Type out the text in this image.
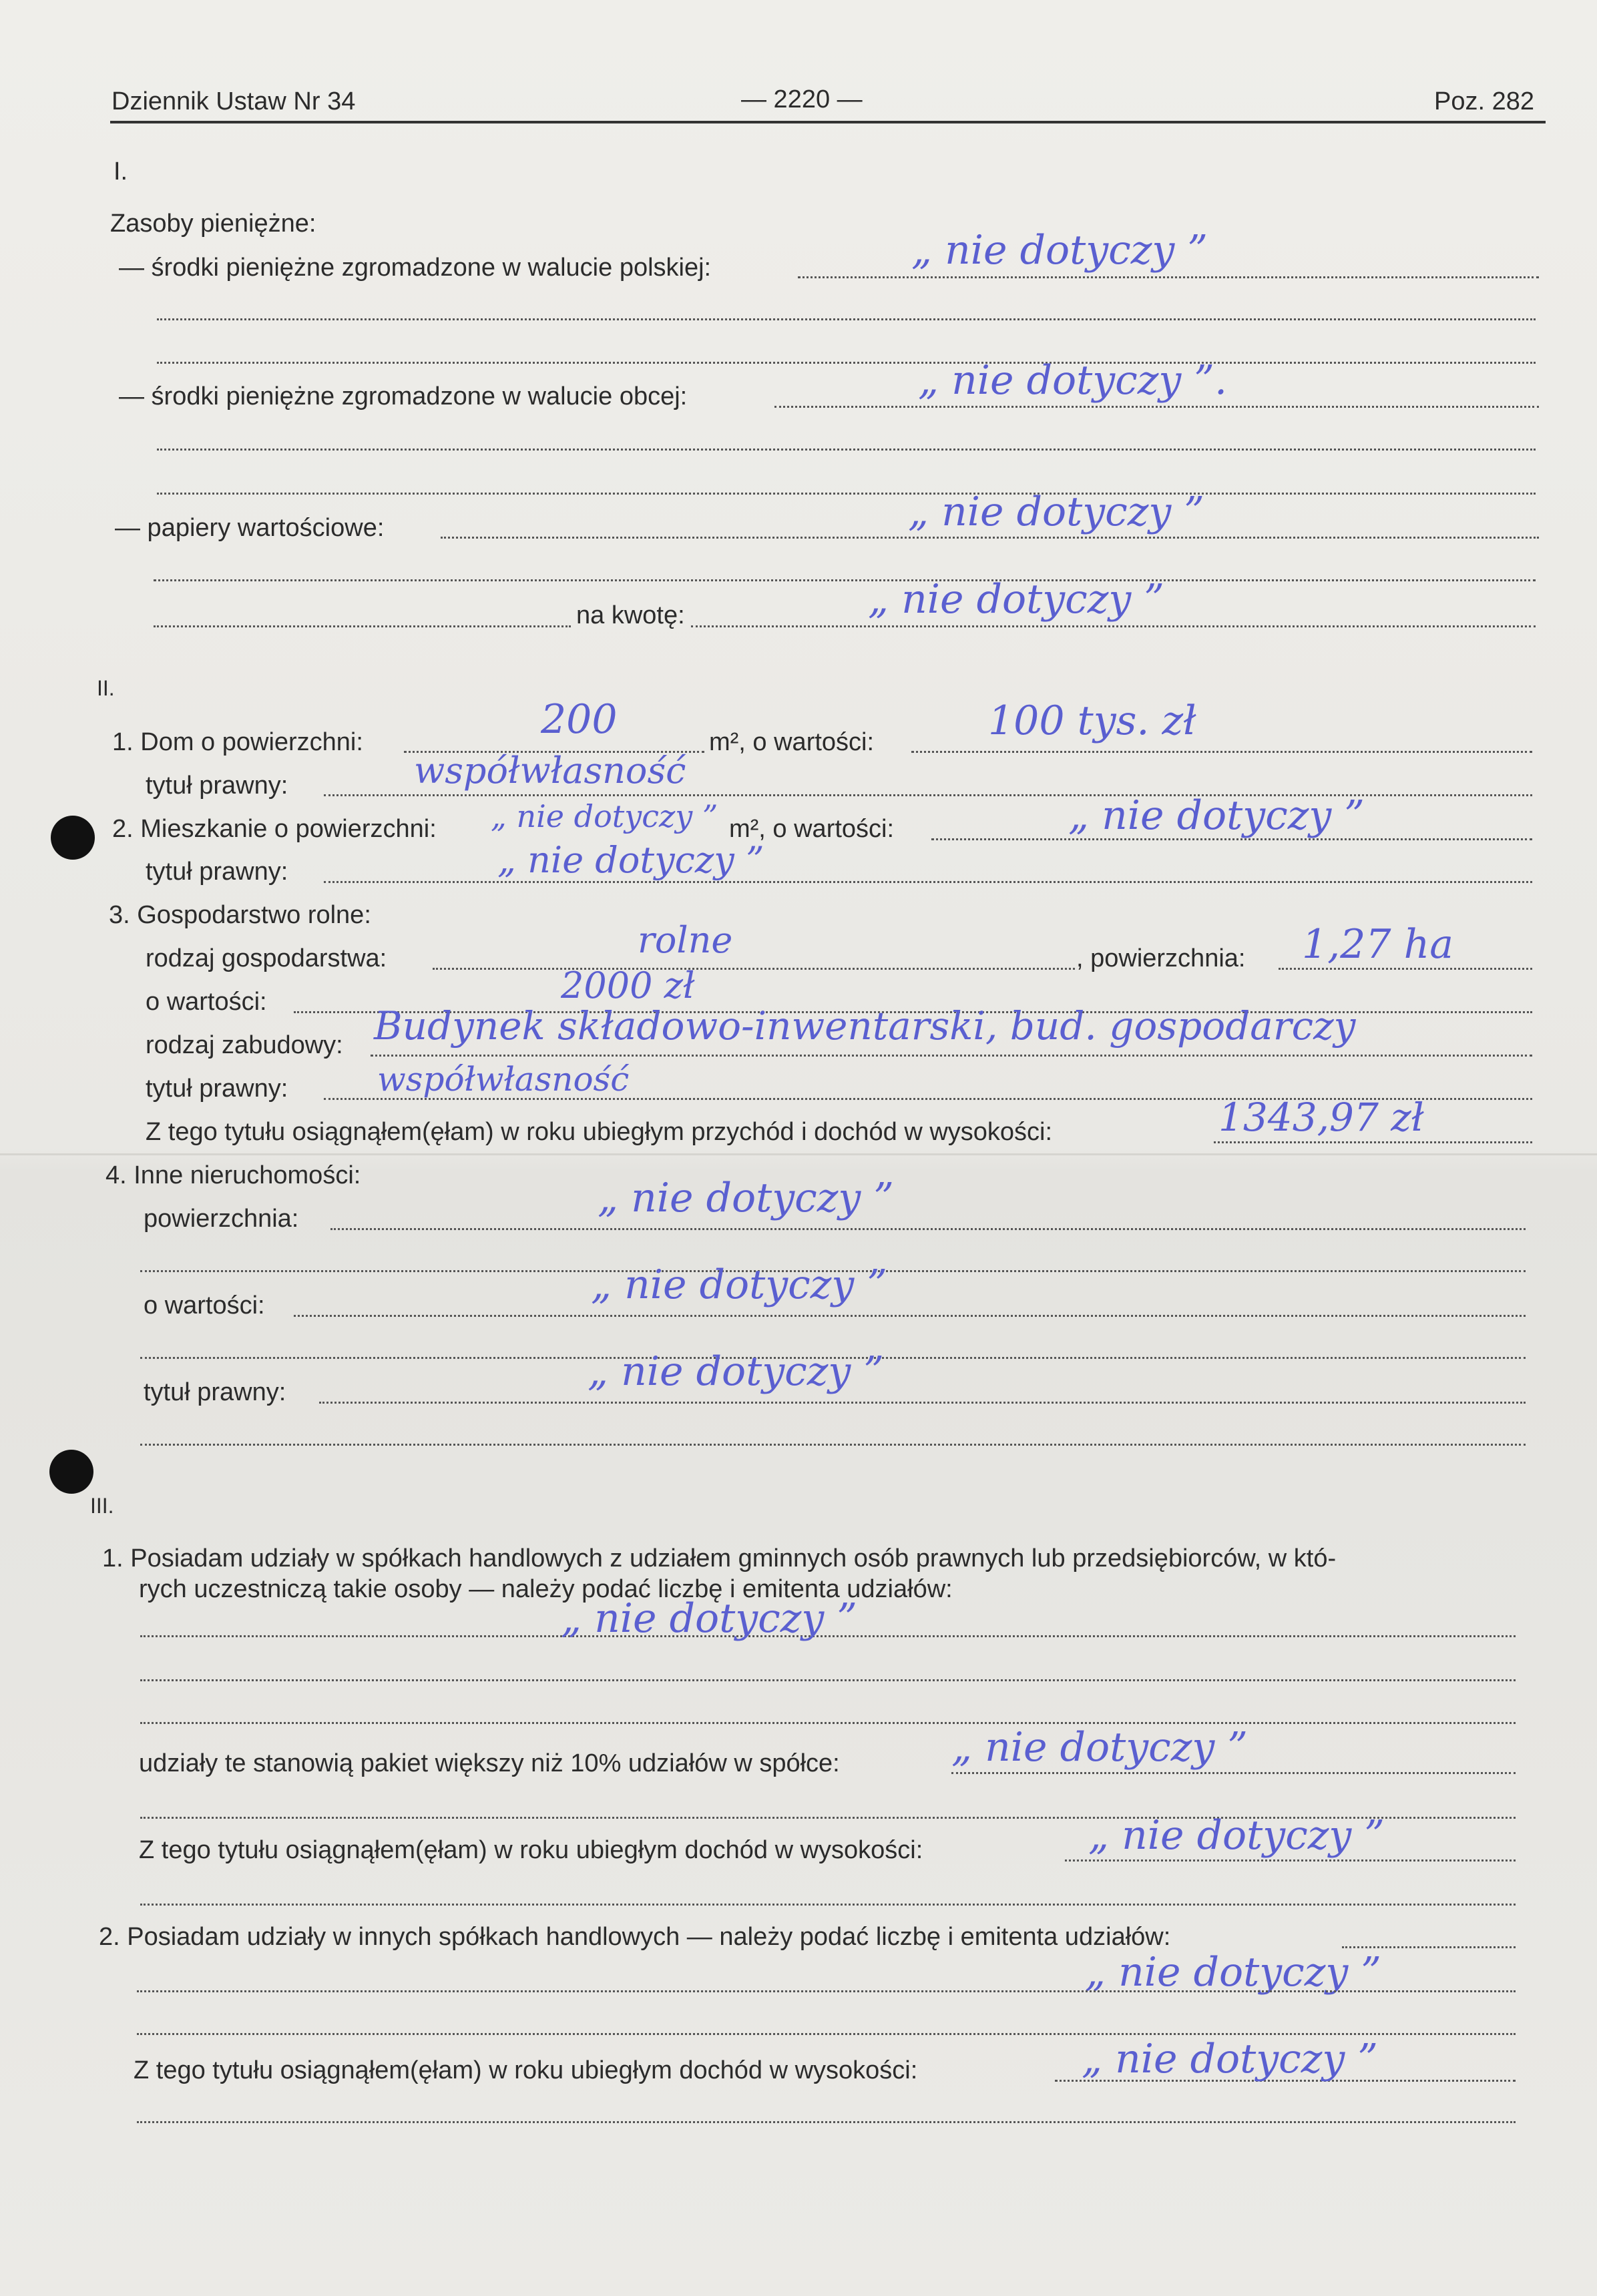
Dziennik Ustaw Nr 34	— 2220 —	Poz. 282
I.
Zasoby pieniężne:
— środki pieniężne zgromadzone w walucie polskiej:	„ nie dotyczy ”
— środki pieniężne zgromadzone w walucie obcej:	„ nie dotyczy ”.
— papiery wartościowe:	„ nie dotyczy ”
na kwotę:	„ nie dotyczy ”
II.
1. Dom o powierzchni:	200	m², o wartości:	100 tys. zł
tytuł prawny:	współwłasność
2. Mieszkanie o powierzchni: „ nie dotyczy ” m², o wartości:	„ nie dotyczy ”
tytuł prawny:	„ nie dotyczy ”
3. Gospodarstwo rolne:
rodzaj gospodarstwa:	rolne	, powierzchnia: 1,27 ha
o wartości:	2000 zł
rodzaj zabudowy: Budynek składowo-inwentarski, bud. gospodarczy
tytuł prawny:	współwłasność
Z tego tytułu osiągnąłem(ęłam) w roku ubiegłym przychód i dochód w wysokości:	1343,97 zł
4. Inne nieruchomości:
powierzchnia:	„ nie dotyczy ”
o wartości:	„ nie dotyczy ”
tytuł prawny:	„ nie dotyczy ”
III.
1. Posiadam udziały w spółkach handlowych z udziałem gminnych osób prawnych lub przedsiębiorców, w któ-
rych uczestniczą takie osoby — należy podać liczbę i emitenta udziałów:
„ nie dotyczy ”
udziały te stanowią pakiet większy niż 10% udziałów w spółce:	„ nie dotyczy ”
Z tego tytułu osiągnąłem(ęłam) w roku ubiegłym dochód w wysokości:	„ nie dotyczy ”
2. Posiadam udziały w innych spółkach handlowych — należy podać liczbę i emitenta udziałów:
„ nie dotyczy ”
Z tego tytułu osiągnąłem(ęłam) w roku ubiegłym dochód w wysokości:	„ nie dotyczy ”
